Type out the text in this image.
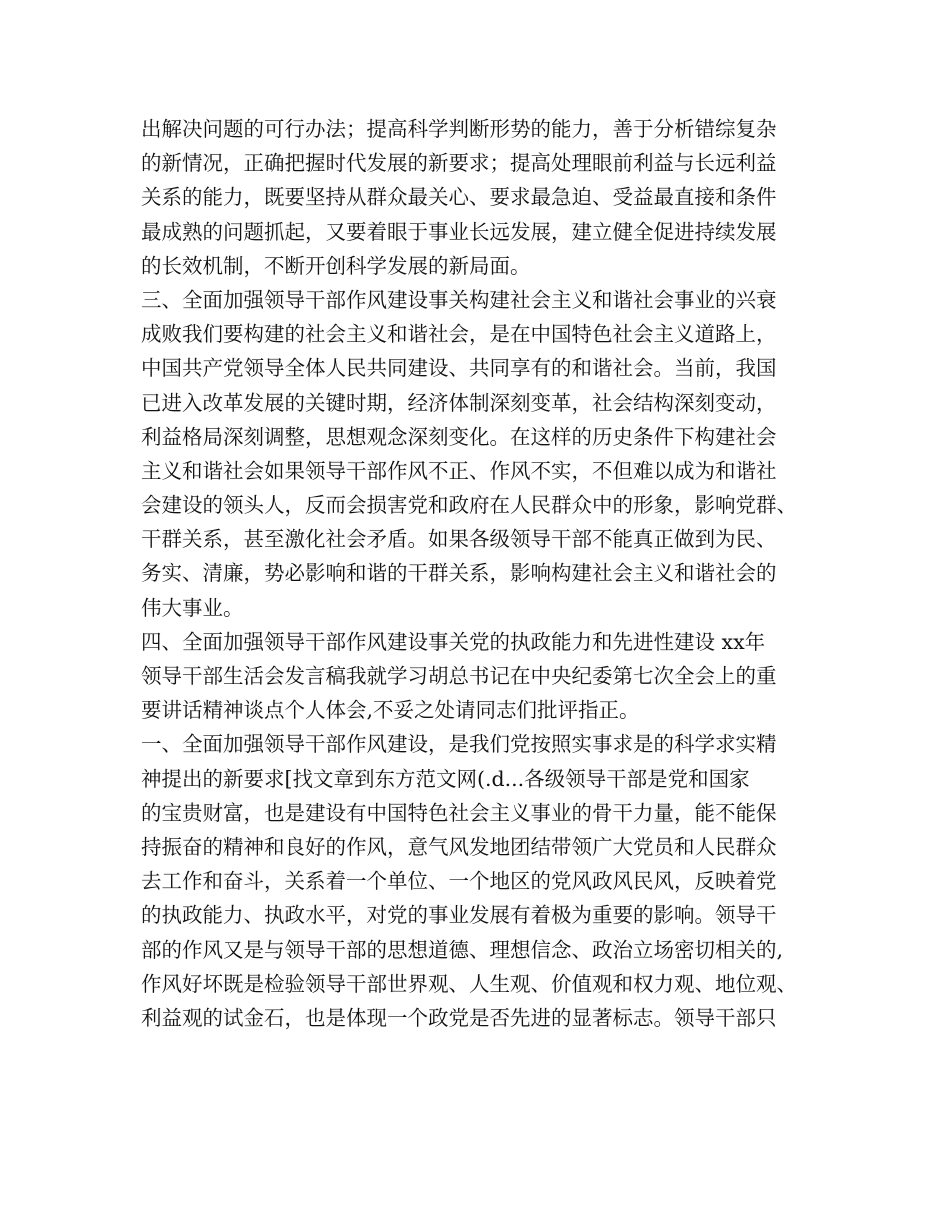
出解决问题的可行办法；提高科学判断形势的能力，善于分析错综复杂
的新情况，正确把握时代发展的新要求；提高处理眼前利益与长远利益
关系的能力，既要坚持从群众最关心、要求最急迫、受益最直接和条件
最成熟的问题抓起，又要着眼于事业长远发展，建立健全促进持续发展
的长效机制，不断开创科学发展的新局面。
三、全面加强领导干部作风建设事关构建社会主义和谐社会事业的兴衰
成败我们要构建的社会主义和谐社会，是在中国特色社会主义道路上，
中国共产党领导全体人民共同建设、共同享有的和谐社会。当前，我国
已进入改革发展的关键时期，经济体制深刻变革，社会结构深刻变动，
利益格局深刻调整，思想观念深刻变化。在这样的历史条件下构建社会
主义和谐社会如果领导干部作风不正、作风不实，不但难以成为和谐社
会建设的领头人，反而会损害党和政府在人民群众中的形象，影响党群、
干群关系，甚至激化社会矛盾。如果各级领导干部不能真正做到为民、
务实、清廉，势必影响和谐的干群关系，影响构建社会主义和谐社会的
伟大事业。
四、全面加强领导干部作风建设事关党的执政能力和先进性建设 xx年
领导干部生活会发言稿我就学习胡总书记在中央纪委第七次全会上的重
要讲话精神谈点个人体会,不妥之处请同志们批评指正。
一、全面加强领导干部作风建设，是我们党按照实事求是的科学求实精
神提出的新要求[找文章到东方范文网(.d...各级领导干部是党和国家
的宝贵财富，也是建设有中国特色社会主义事业的骨干力量，能不能保
持振奋的精神和良好的作风，意气风发地团结带领广大党员和人民群众
去工作和奋斗，关系着一个单位、一个地区的党风政风民风，反映着党
的执政能力、执政水平，对党的事业发展有着极为重要的影响。领导干
部的作风又是与领导干部的思想道德、理想信念、政治立场密切相关的,
作风好坏既是检验领导干部世界观、人生观、价值观和权力观、地位观、
利益观的试金石，也是体现一个政党是否先进的显著标志。领导干部只
